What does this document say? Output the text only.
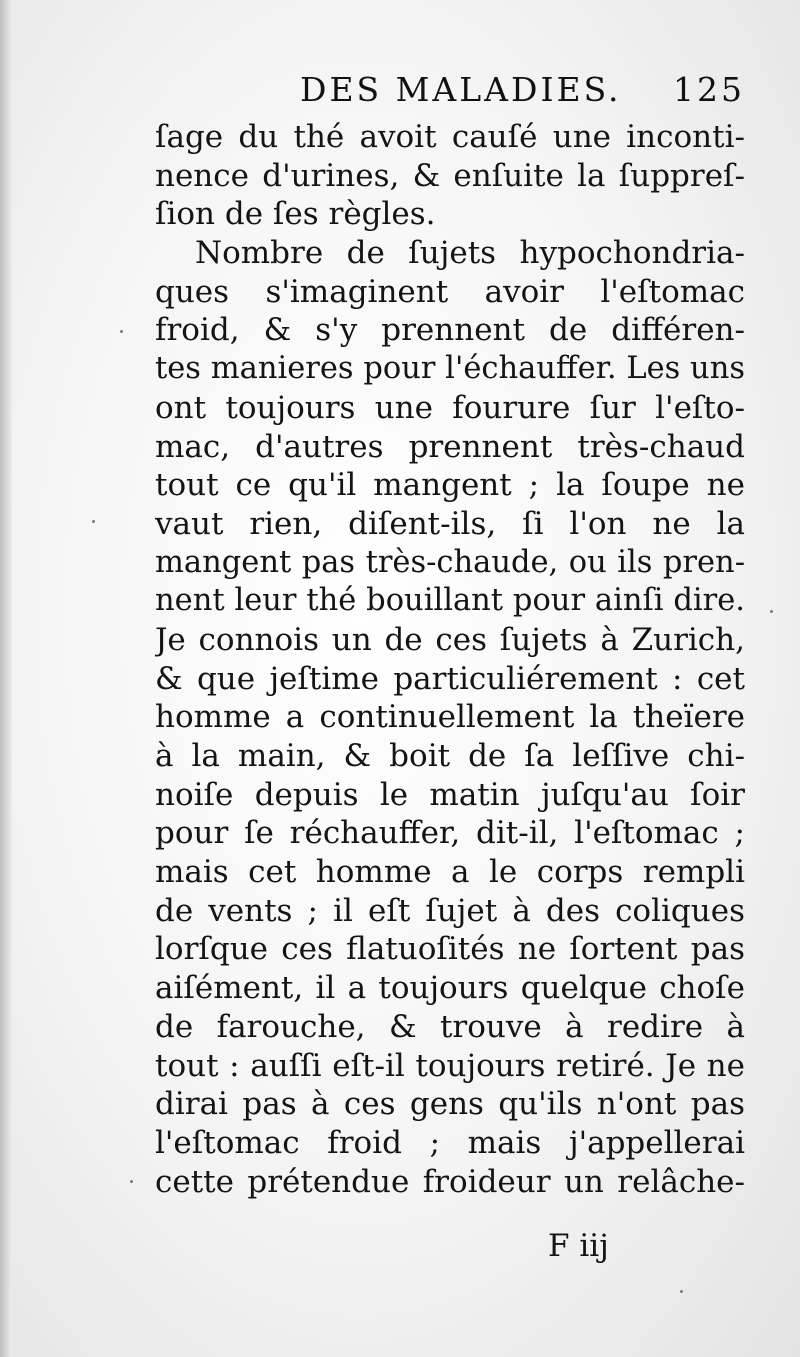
DES MALADIES. 125
ſage du thé avoit cauſé une inconti-
nence d'urines, & enſuite la ſuppreſ-
ſion de ſes règles.
Nombre de ſujets hypochondria-
ques s'imaginent avoir l'eſtomac
froid, & s'y prennent de différen-
tes manieres pour l'échauffer. Les uns
ont toujours une fourure ſur l'eſto-
mac, d'autres prennent très-chaud
tout ce qu'il mangent ; la ſoupe ne
vaut rien, diſent-ils, ſi l'on ne la
mangent pas très-chaude, ou ils pren-
nent leur thé bouillant pour ainſi dire.
Je connois un de ces ſujets à Zurich,
& que jeſtime particuliérement : cet
homme a continuellement la theïere
à la main, & boit de ſa leſſive chi-
noiſe depuis le matin juſqu'au ſoir
pour ſe réchauffer, dit-il, l'eſtomac ;
mais cet homme a le corps rempli
de vents ; il eſt ſujet à des coliques
lorſque ces flatuoſités ne ſortent pas
aiſément, il a toujours quelque choſe
de farouche, & trouve à redire à
tout : auſſi eſt-il toujours retiré. Je ne
dirai pas à ces gens qu'ils n'ont pas
l'eſtomac froid ; mais j'appellerai
cette prétendue froideur un relâche-
F iij
